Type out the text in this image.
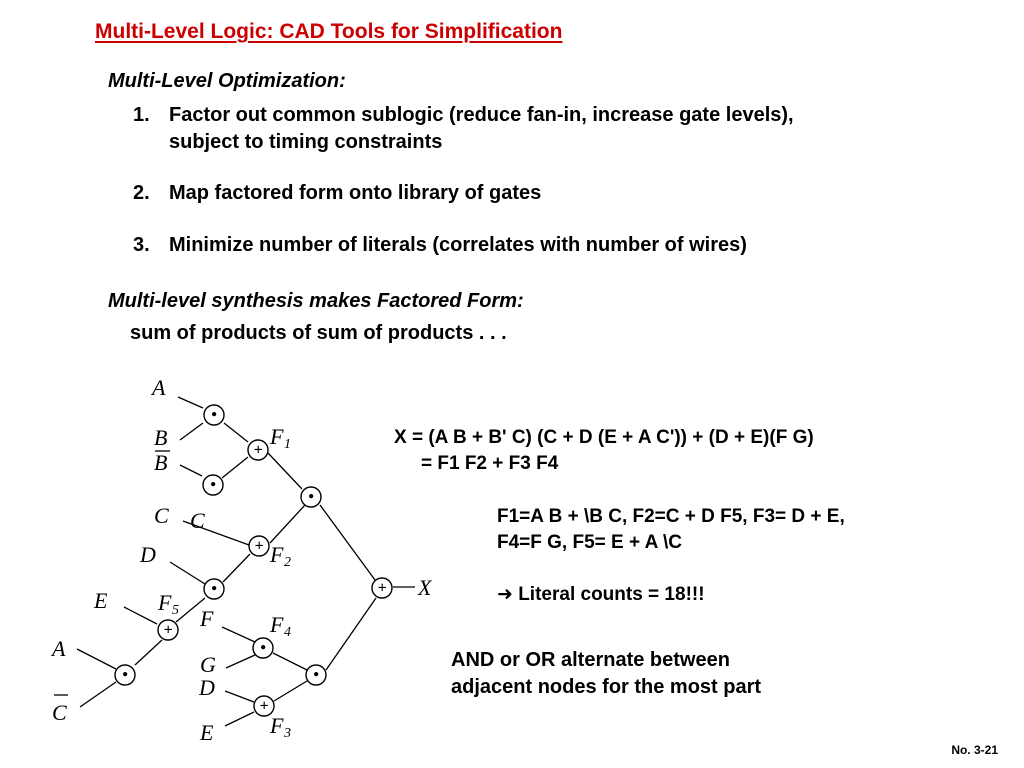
Multi-Level Logic: CAD Tools for Simplification
Multi-Level Optimization:
1. Factor out common sublogic (reduce fan-in, increase gate levels),
subject to timing constraints
2. Map factored form onto library of gates
3. Minimize number of literals (correlates with number of wires)
Multi-level synthesis makes Factored Form:
sum of products of sum of products . . .
X = (A B + B' C) (C + D (E + A C')) + (D + E)(F G)
= F1 F2 + F3 F4
F1=A B + \B C, F2=C + D F5, F3= D + E,
F4=F G, F5= E + A \C
➜ Literal counts = 18!!!
AND or OR alternate between
adjacent nodes for the most part
•
+
•
•
+
•
+
•
+
•
•
+
A
B
B
C C
D
E F 5 F
A
C
G
D
E
F 1
F 2
F 4
F 3
X
No. 3-21
